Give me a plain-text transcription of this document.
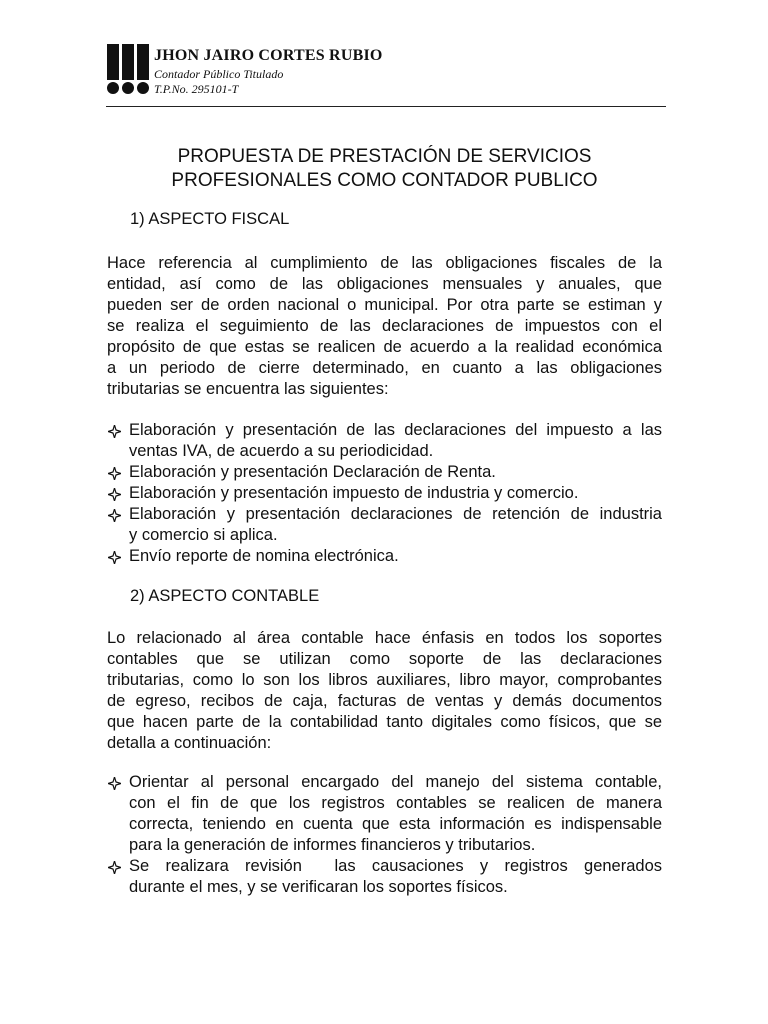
JHON JAIRO CORTES RUBIO
Contador Público Titulado
T.P.No. 295101-T
PROPUESTA DE PRESTACIÓN DE SERVICIOS
PROFESIONALES COMO CONTADOR PUBLICO
1) ASPECTO FISCAL
Hace referencia al cumplimiento de las obligaciones fiscales de la
entidad, así como de las obligaciones mensuales y anuales, que
pueden ser de orden nacional o municipal. Por otra parte se estiman y
se realiza el seguimiento de las declaraciones de impuestos con el
propósito de que estas se realicen de acuerdo a la realidad económica
a un periodo de cierre determinado, en cuanto a las obligaciones
tributarias se encuentra las siguientes:
Elaboración y presentación de las declaraciones del impuesto a las
ventas IVA, de acuerdo a su periodicidad.
Elaboración y presentación Declaración de Renta.
Elaboración y presentación impuesto de industria y comercio.
Elaboración y presentación declaraciones de retención de industria
y comercio si aplica.
Envío reporte de nomina electrónica.
2) ASPECTO CONTABLE
Lo relacionado al área contable hace énfasis en todos los soportes
contables que se utilizan como soporte de las declaraciones
tributarias, como lo son los libros auxiliares, libro mayor, comprobantes
de egreso, recibos de caja, facturas de ventas y demás documentos
que hacen parte de la contabilidad tanto digitales como físicos, que se
detalla a continuación:
Orientar al personal encargado del manejo del sistema contable,
con el fin de que los registros contables se realicen de manera
correcta, teniendo en cuenta que esta información es indispensable
para la generación de informes financieros y tributarios.
Se realizara revisión  las causaciones y registros generados
durante el mes, y se verificaran los soportes físicos.
